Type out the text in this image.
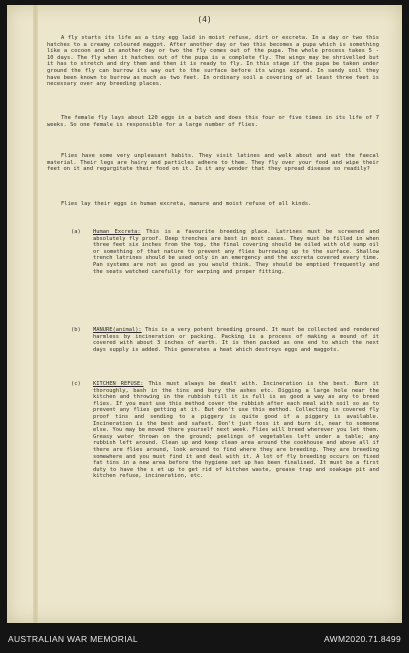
(4)
A fly starts its life as a tiny egg laid in moist refuse, dirt or excreta. In a day or two this hatches to a creamy coloured maggot. After another day or two this becomes a pupa which is something like a cocoon and in another day or two the fly comes out of the pupa. The whole process takes 5 - 10 days. The fly when it hatches out of the pupa is a complete fly. The wings may be shrivelled but it has to stretch and dry them and then it is ready to fly. In this stage if the pupa be taken under ground the fly can burrow its way out to the surface before its wings expand. In sandy soil they have been known to burrow as much as two feet. In ordinary soil a covering of at least three feet is necessary over any breeding places.
The female fly lays about 120 eggs in a batch and does this four or five times in its life of 7 weeks. So one female is responsible for a large number of flies.
Flies have some very unpleasant habits. They visit latines and walk about and eat the faecal material. Their legs are hairy and particles adhere to them. They fly over your food and wipe their feet on it and regurgitate their food on it. Is it any wonder that they spread disease so readily?
Flies lay their eggs in human excreta, manure and moist refuse of all kinds.
(a) Human Excreta: This is a favourite breeding place. Latrines must be screened and absolutely fly proof. Deep trenches are best in most cases. They must be filled in when three feet six inches from the top, the final covering should be oiled with old sump oil or something of that nature to prevent any flies burrowing up to the surface. Shallow trench latrines should be used only in an emergency and the excreta covered every time. Pan systems are not as good as you would think. They should be emptied frequently and the seats watched carefully for warping and proper fitting.
(b) MANURE(animal): This is a very potent breeding ground. It must be collected and rendered harmless by incineration or packing. Packing is a process of making a mound of it covered with about 3 inches of earth. It is then packed as one end to which the next days supply is added. This generates a heat which destroys eggs and maggots.
(c) KITCHEN REFUSE: This must always be dealt with. Incineration is the best. Burn it thoroughly, bash in the tins and bury the ashes etc. Digging a large hole near the kitchen and throwing in the rubbish till it is full is as good a way as any to breed flies. If you must use this method cover the rubbish after each meal with soil so as to prevent any flies getting at it. But don't use this method. Collecting in covered fly proof tins and sending to a piggery is quite good if a piggery is available. Incineration is the best and safest. Don't just toss it and burn it, near to someone else. You may be moved there yourself next week. Flies will breed wherever you let them. Greasy water thrown on the ground; peelings of vegetables left under a table; any rubbish left around. Clean up and keep clean area around the cookhouse and above all if there are flies around, look around to find where they are breeding. They are breeding somewhere and you must find it and deal with it. A lot of fly breeding occurs on fixed fat tins in a new area before the hygiene set up has been finalised. It must be a first duty to have the s et up to get rid of kitchen waste, grease trap and soakage pit and kitchen refuse, incineration, etc.
AUSTRALIAN WAR MEMORIAL	AWM2020.71.8499
